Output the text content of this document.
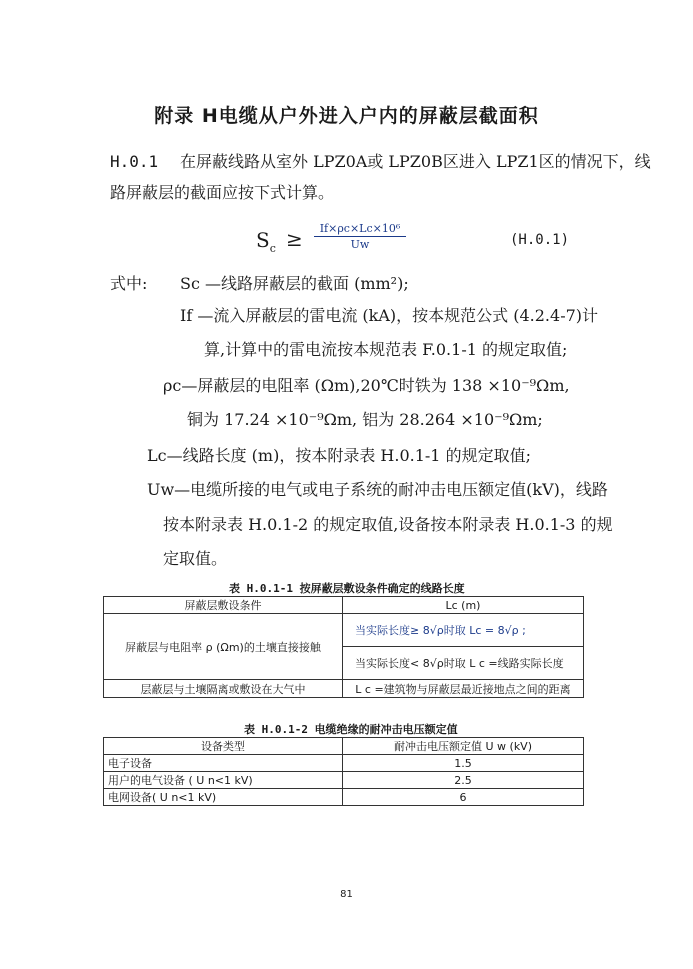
附录 H电缆从户外进入户内的屏蔽层截面积
H.0.1 在屏蔽线路从室外 LPZ0A或 LPZ0B区进入 LPZ1区的情况下，线
路屏蔽层的截面应按下式计算。
$S_c \ge \frac{\text{If×ρc×Lc×10⁶}}{Uw}$	(H.0.1)
式中: Sc —线路屏蔽层的截面 (mm²);
If —流入屏蔽层的雷电流 (kA)，按本规范公式 (4.2.4-7)计
算,计算中的雷电流按本规范表 F.0.1-1 的规定取值;
ρc—屏蔽层的电阻率 (Ωm),20℃时铁为 138 ×10⁻⁹Ωm,
铜为 17.24 ×10⁻⁹Ωm, 铝为 28.264 ×10⁻⁹Ωm;
Lc—线路长度 (m)，按本附录表 H.0.1-1 的规定取值;
Uw—电缆所接的电气或电子系统的耐冲击电压额定值(kV)，线路
按本附录表 H.0.1-2 的规定取值,设备按本附录表 H.0.1-3 的规
定取值。
表 H.0.1-1 按屏蔽层敷设条件确定的线路长度
屏蔽层敷设条件	Lc (m)
屏蔽层与电阻率 ρ (Ωm)的土壤直接接触	当实际长度≥ 8√ρ时取 Lc = 8√ρ ;
	当实际长度< 8√ρ时取 L c =线路实际长度
层蔽层与土壤隔离或敷设在大气中	L c =建筑物与屏蔽层最近接地点之间的距离
表 H.0.1-2 电缆绝缘的耐冲击电压额定值
设备类型	耐冲击电压额定值 U w (kV)
电子设备	1.5
用户的电气设备 ( U n<1 kV)	2.5
电网设备( U n<1 kV)	6
81
